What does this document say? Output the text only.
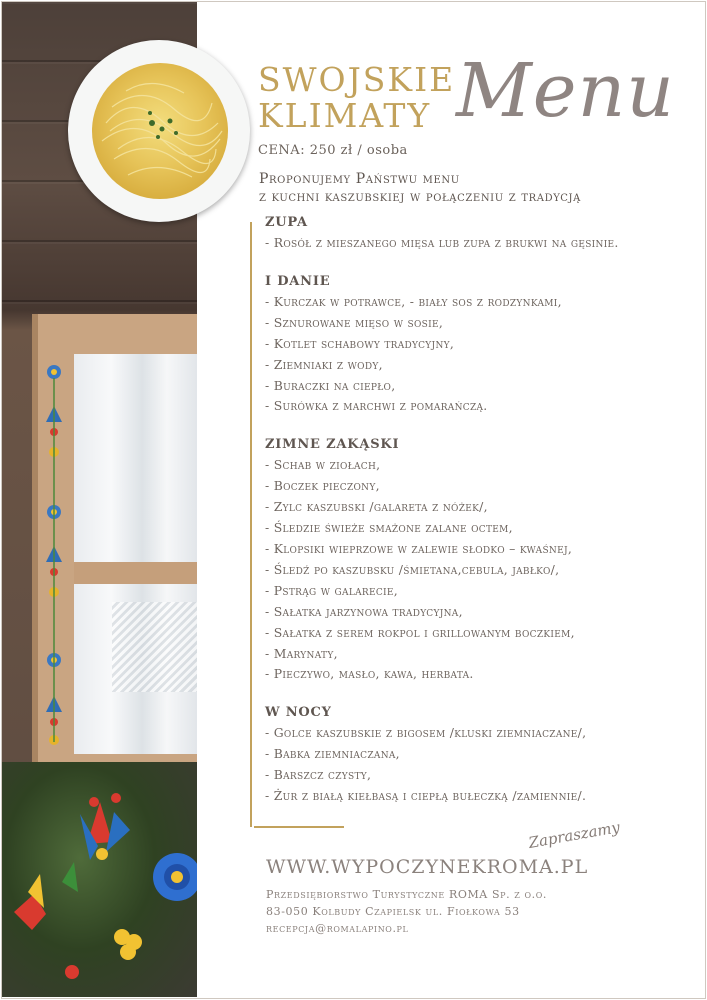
SWOJSKIE
KLIMATY
CENA: 250 zł / osoba
Menu
Proponujemy Państwu menu
z kuchni kaszubskiej w połączeniu z tradycją
ZUPA
- Rosół z mieszanego mięsa lub zupa z brukwi na gęsinie.
I DANIE
- Kurczak w potrawce, - biały sos z rodzynkami,
- Sznurowane mięso w sosie,
- Kotlet schabowy tradycyjny,
- Ziemniaki z wody,
- Buraczki na ciepło,
- Surówka z marchwi z pomarańczą.
ZIMNE ZAKĄSKI
- Schab w ziołach,
- Boczek pieczony,
- Zylc kaszubski /galareta z nóżek/,
- Śledzie świeże smażone zalane octem,
- Klopsiki wieprzowe w zalewie słodko – kwaśnej,
- Śledź po kaszubsku /śmietana,cebula, jabłko/,
- Pstrąg w galarecie,
- Sałatka jarzynowa tradycyjna,
- Sałatka z serem rokpol i grillowanym boczkiem,
- Marynaty,
- Pieczywo, masło, kawa, herbata.
W NOCY
- Golce kaszubskie z bigosem /kluski ziemniaczane/,
- Babka ziemniaczana,
- Barszcz czysty,
- Żur z białą kiełbasą i ciepłą bułeczką /zamiennie/.
Zapraszamy
WWW.WYPOCZYNEKROMA.PL
Przedsiębiorstwo Turystyczne ROMA Sp. z o.o.
83-050 Kolbudy Czapielsk ul. Fiołkowa 53
recepcja@romalapino.pl
